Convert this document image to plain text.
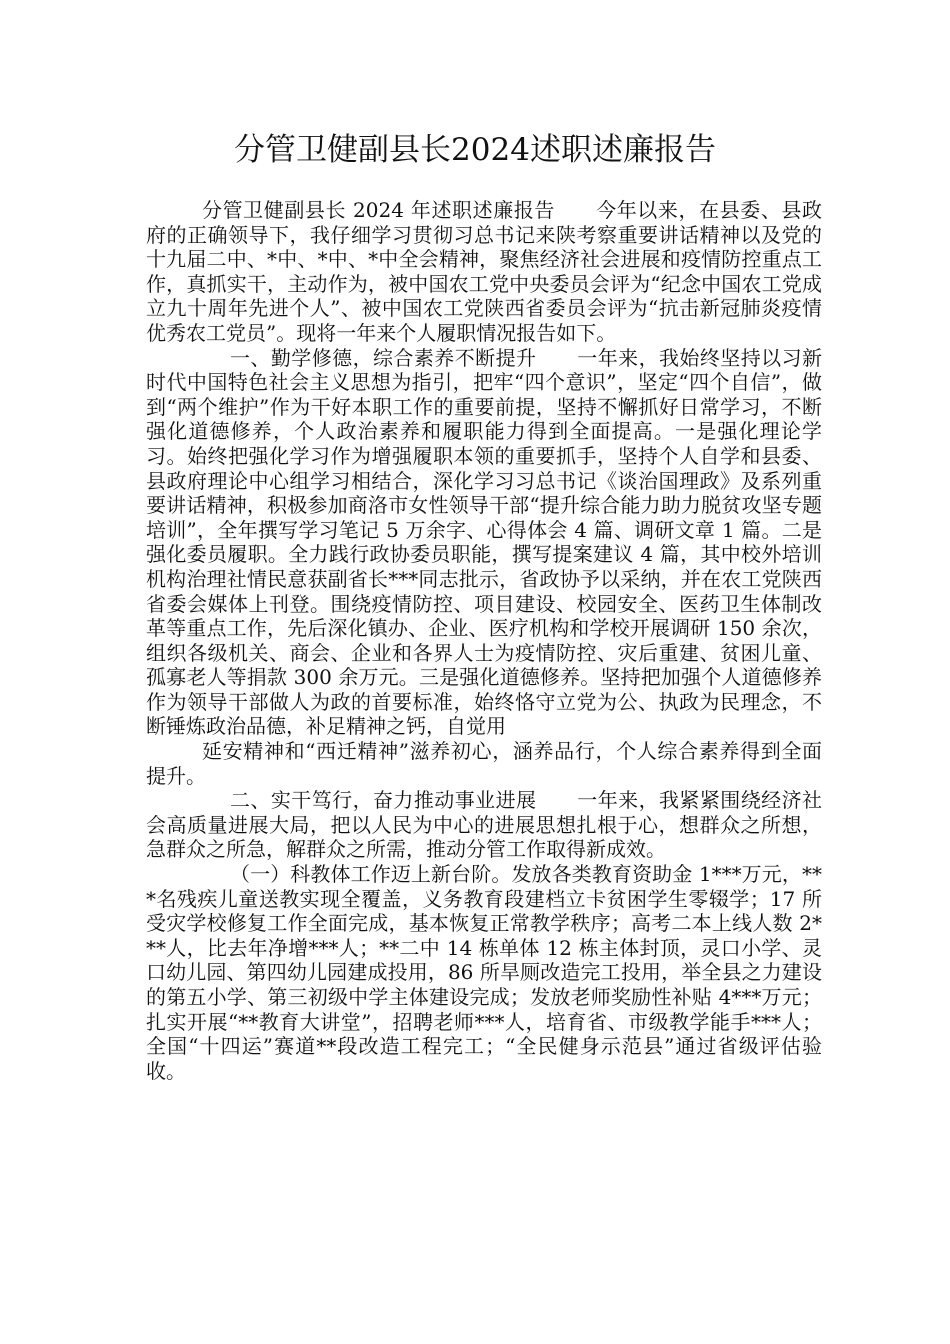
分管卫健副县长2024述职述廉报告

分管卫健副县长 2024 年述职述廉报告　　今年以来，在县委、县政府的正确领导下，我仔细学习贯彻习总书记来陕考察重要讲话精神以及党的十九届二中、*中、*中、*中全会精神，聚焦经济社会进展和疫情防控重点工作，真抓实干，主动作为，被中国农工党中央委员会评为“纪念中国农工党成立九十周年先进个人”、被中国农工党陕西省委员会评为“抗击新冠肺炎疫情优秀农工党员”。现将一年来个人履职情况报告如下。

一、勤学修德，综合素养不断提升　　一年来，我始终坚持以习新时代中国特色社会主义思想为指引，把牢“四个意识”，坚定“四个自信”，做到“两个维护”作为干好本职工作的重要前提，坚持不懈抓好日常学习，不断强化道德修养，个人政治素养和履职能力得到全面提高。一是强化理论学习。始终把强化学习作为增强履职本领的重要抓手，坚持个人自学和县委、县政府理论中心组学习相结合，深化学习习总书记《谈治国理政》及系列重要讲话精神，积极参加商洛市女性领导干部“提升综合能力助力脱贫攻坚专题培训”，全年撰写学习笔记 5 万余字、心得体会 4 篇、调研文章 1 篇。二是强化委员履职。全力践行政协委员职能，撰写提案建议 4 篇，其中校外培训机构治理社情民意获副省长***同志批示，省政协予以采纳，并在农工党陕西省委会媒体上刊登。围绕疫情防控、项目建设、校园安全、医药卫生体制改革等重点工作，先后深化镇办、企业、医疗机构和学校开展调研 150 余次，组织各级机关、商会、企业和各界人士为疫情防控、灾后重建、贫困儿童、孤寡老人等捐款 300 余万元。三是强化道德修养。坚持把加强个人道德修养作为领导干部做人为政的首要标准，始终恪守立党为公、执政为民理念，不断锤炼政治品德，补足精神之钙，自觉用

延安精神和“西迁精神”滋养初心，涵养品行，个人综合素养得到全面提升。

二、实干笃行，奋力推动事业进展　　一年来，我紧紧围绕经济社会高质量进展大局，把以人民为中心的进展思想扎根于心，想群众之所想，急群众之所急，解群众之所需，推动分管工作取得新成效。

（一）科教体工作迈上新台阶。发放各类教育资助金 1***万元，***名残疾儿童送教实现全覆盖，义务教育段建档立卡贫困学生零辍学；17 所受灾学校修复工作全面完成，基本恢复正常教学秩序；高考二本上线人数 2***人，比去年净增***人；**二中 14 栋单体 12 栋主体封顶，灵口小学、灵口幼儿园、第四幼儿园建成投用，86 所旱厕改造完工投用，举全县之力建设的第五小学、第三初级中学主体建设完成；发放老师奖励性补贴 4***万元；扎实开展“**教育大讲堂”，招聘老师***人，培育省、市级教学能手***人；全国“十四运”赛道**段改造工程完工；“全民健身示范县”通过省级评估验收。
